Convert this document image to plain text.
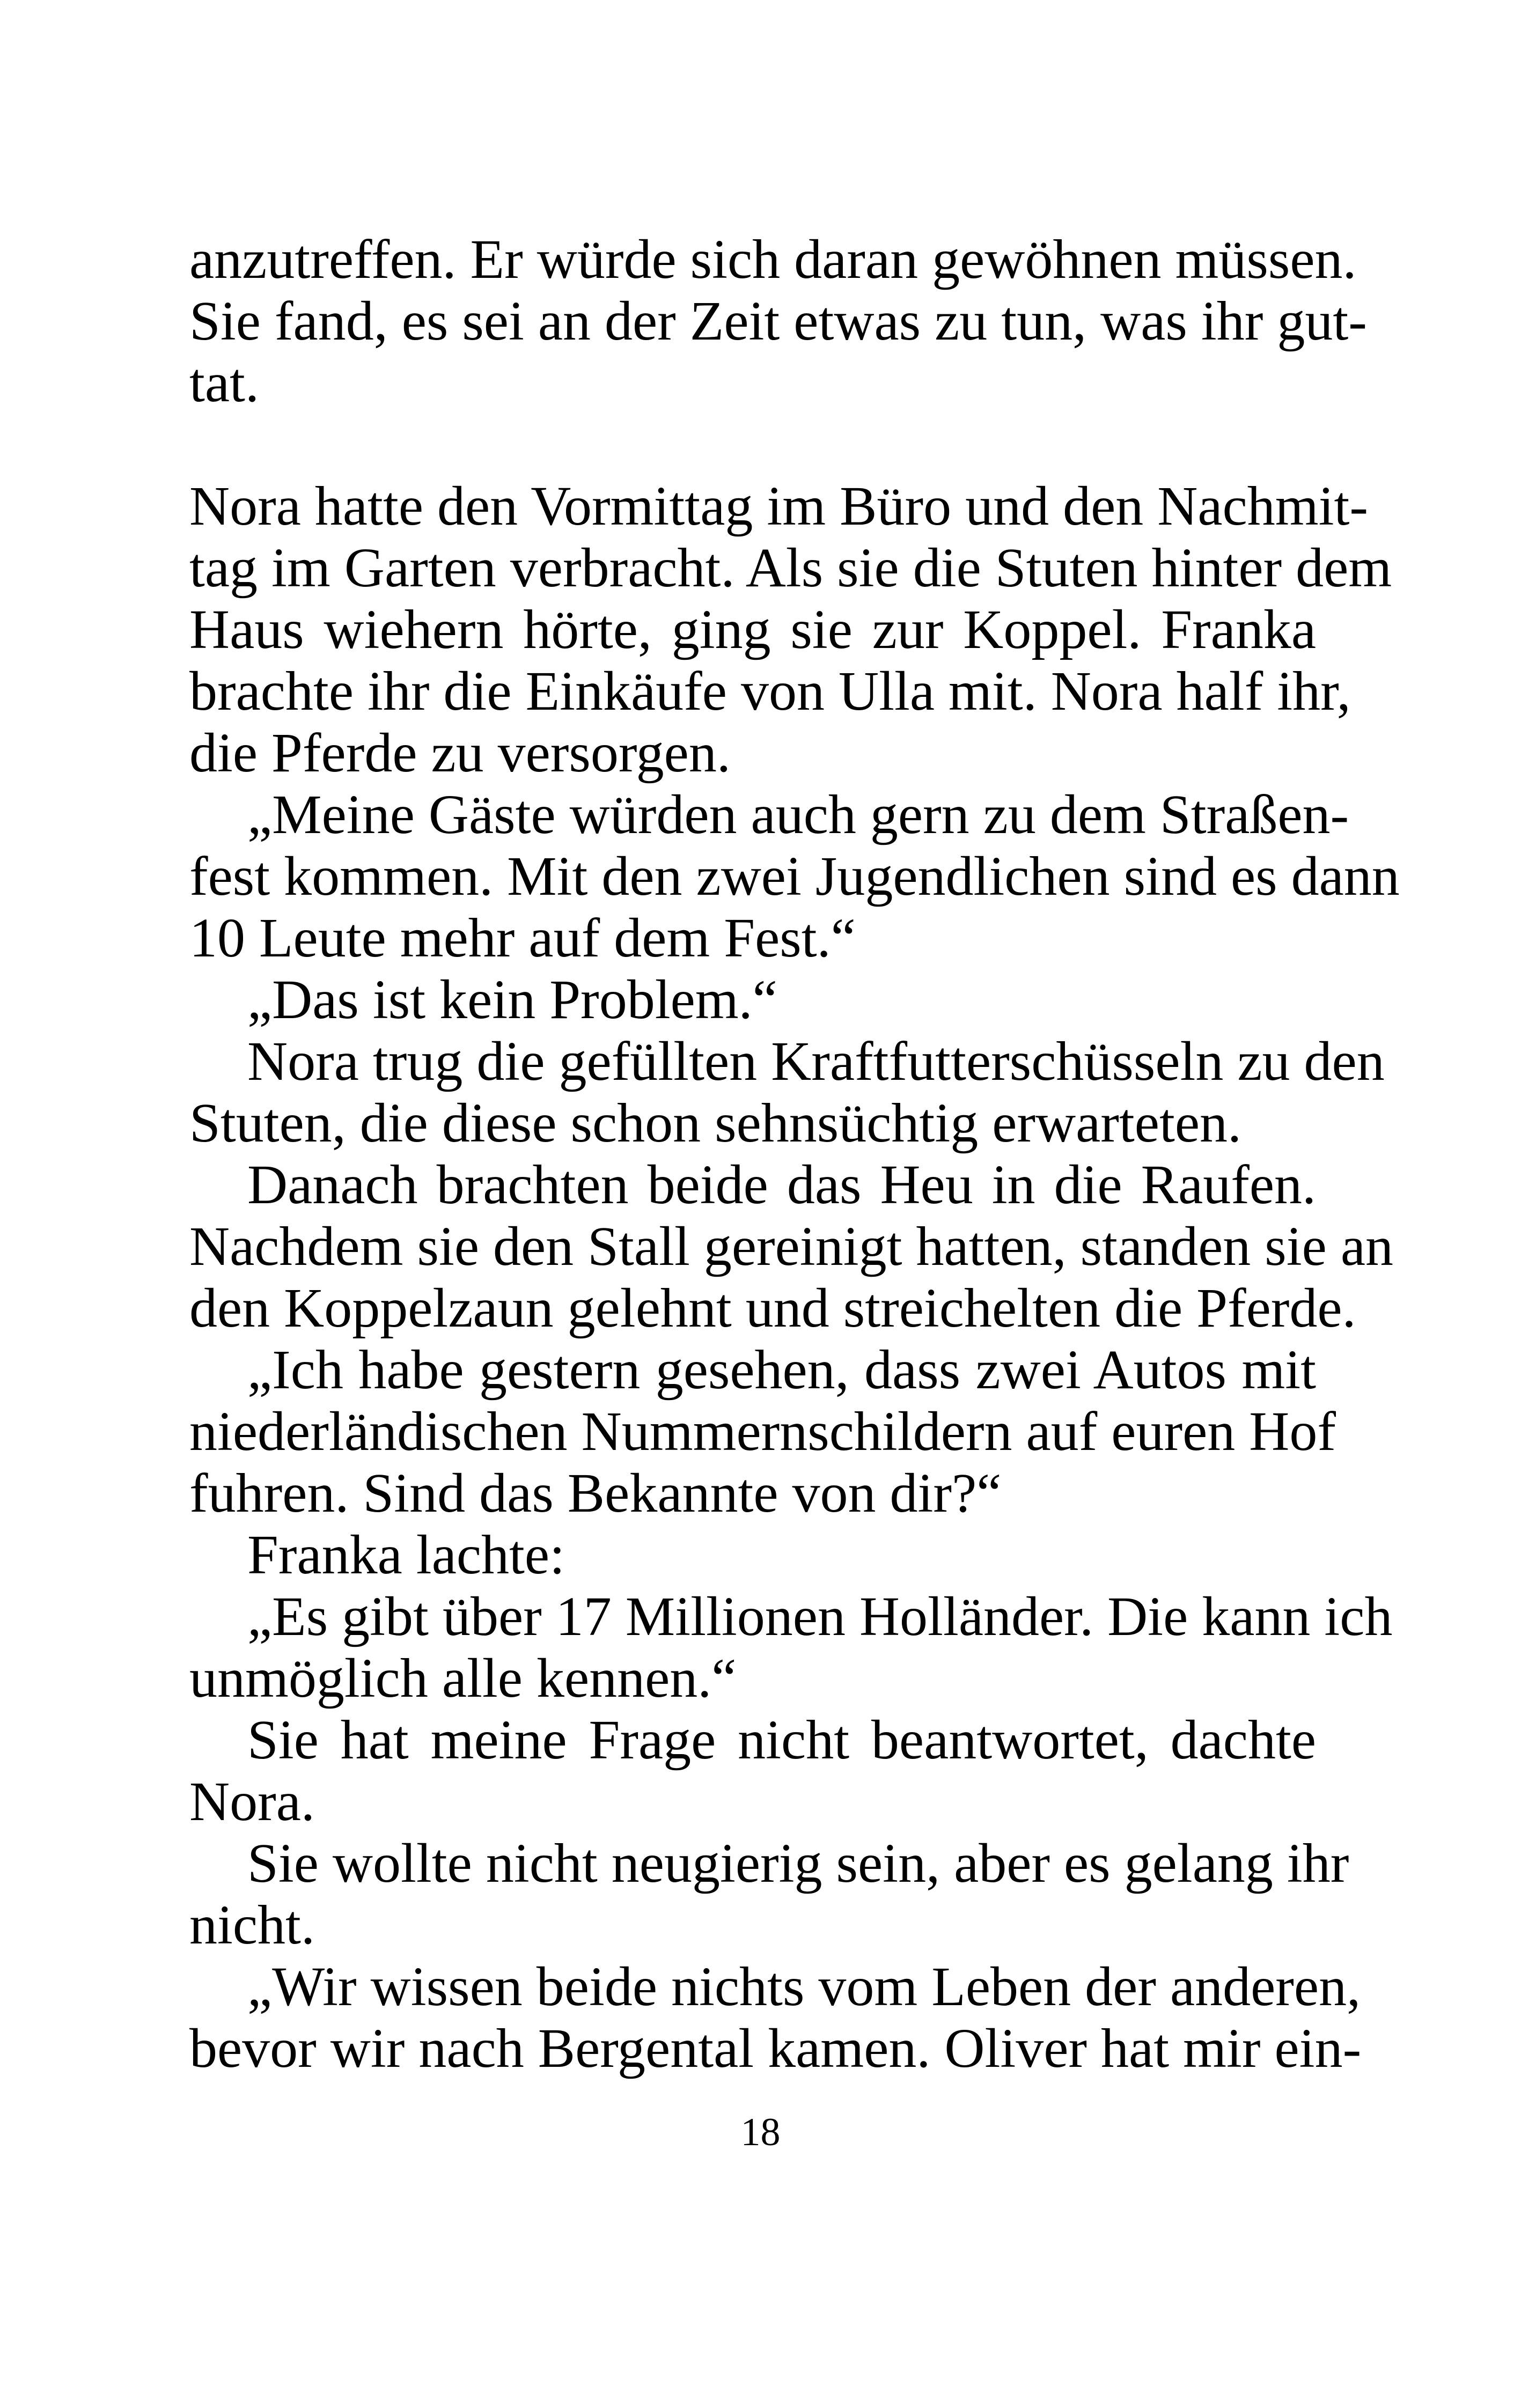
anzutreffen. Er würde sich daran gewöhnen müssen.
Sie fand, es sei an der Zeit etwas zu tun, was ihr gut-
tat.
Nora hatte den Vormittag im Büro und den Nachmit-
tag im Garten verbracht. Als sie die Stuten hinter dem
Haus wiehern hörte, ging sie zur Koppel. Franka
brachte ihr die Einkäufe von Ulla mit. Nora half ihr,
die Pferde zu versorgen.
„Meine Gäste würden auch gern zu dem Straßen-
fest kommen. Mit den zwei Jugendlichen sind es dann
10 Leute mehr auf dem Fest.“
„Das ist kein Problem.“
Nora trug die gefüllten Kraftfutterschüsseln zu den
Stuten, die diese schon sehnsüchtig erwarteten.
Danach brachten beide das Heu in die Raufen.
Nachdem sie den Stall gereinigt hatten, standen sie an
den Koppelzaun gelehnt und streichelten die Pferde.
„Ich habe gestern gesehen, dass zwei Autos mit
niederländischen Nummernschildern auf euren Hof
fuhren. Sind das Bekannte von dir?“
Franka lachte:
„Es gibt über 17 Millionen Holländer. Die kann ich
unmöglich alle kennen.“
Sie hat meine Frage nicht beantwortet, dachte
Nora.
Sie wollte nicht neugierig sein, aber es gelang ihr
nicht.
„Wir wissen beide nichts vom Leben der anderen,
bevor wir nach Bergental kamen. Oliver hat mir ein-
18
